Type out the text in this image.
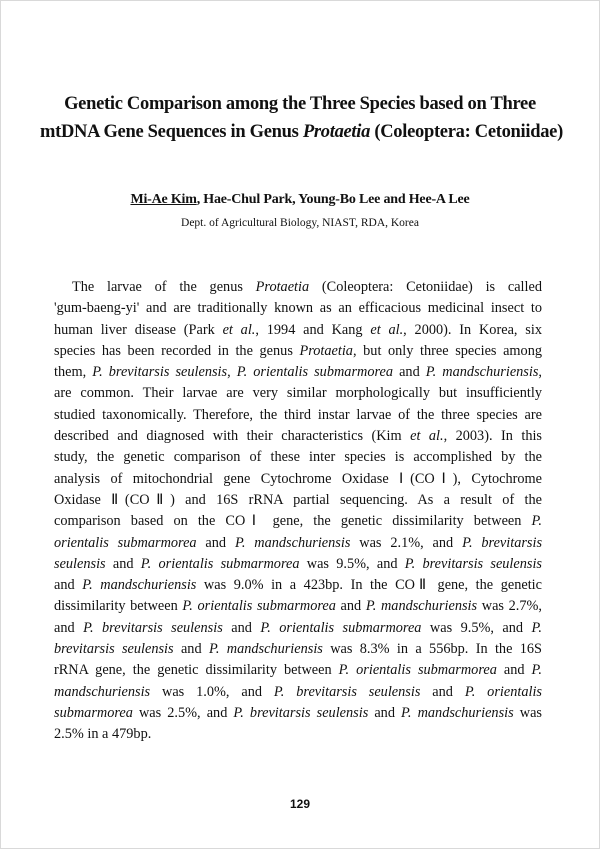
Genetic Comparison among the Three Species based on Three
mtDNA Gene Sequences in Genus Protaetia (Coleoptera: Cetoniidae)
Mi-Ae Kim, Hae-Chul Park, Young-Bo Lee and Hee-A Lee
Dept. of Agricultural Biology, NIAST, RDA, Korea
The larvae of the genus Protaetia (Coleoptera: Cetoniidae) is called
'gum-baeng-yi' and are traditionally known as an efficacious medicinal insect to
human liver disease (Park et al., 1994 and Kang et al., 2000). In Korea, six
species has been recorded in the genus Protaetia, but only three species among
them, P. brevitarsis seulensis, P. orientalis submarmorea and P. mandschuriensis,
are common. Their larvae are very similar morphologically but insufficiently
studied taxonomically. Therefore, the third instar larvae of the three species are
described and diagnosed with their characteristics (Kim et al., 2003). In this
study, the genetic comparison of these inter species is accomplished by the
analysis of mitochondrial gene Cytochrome Oxidase Ⅰ(COⅠ), Cytochrome
Oxidase Ⅱ(COⅡ) and 16S rRNA partial sequencing. As a result of the
comparison based on the COⅠ gene, the genetic dissimilarity between P.
orientalis submarmorea and P. mandschuriensis was 2.1%, and P. brevitarsis
seulensis and P. orientalis submarmorea was 9.5%, and P. brevitarsis seulensis
and P. mandschuriensis was 9.0% in a 423bp. In the COⅡ gene, the genetic
dissimilarity between P. orientalis submarmorea and P. mandschuriensis was 2.7%,
and P. brevitarsis seulensis and P. orientalis submarmorea was 9.5%, and P.
brevitarsis seulensis and P. mandschuriensis was 8.3% in a 556bp. In the 16S
rRNA gene, the genetic dissimilarity between P. orientalis submarmorea and P.
mandschuriensis was 1.0%, and P. brevitarsis seulensis and P. orientalis
submarmorea was 2.5%, and P. brevitarsis seulensis and P. mandschuriensis was
2.5% in a 479bp.
129
